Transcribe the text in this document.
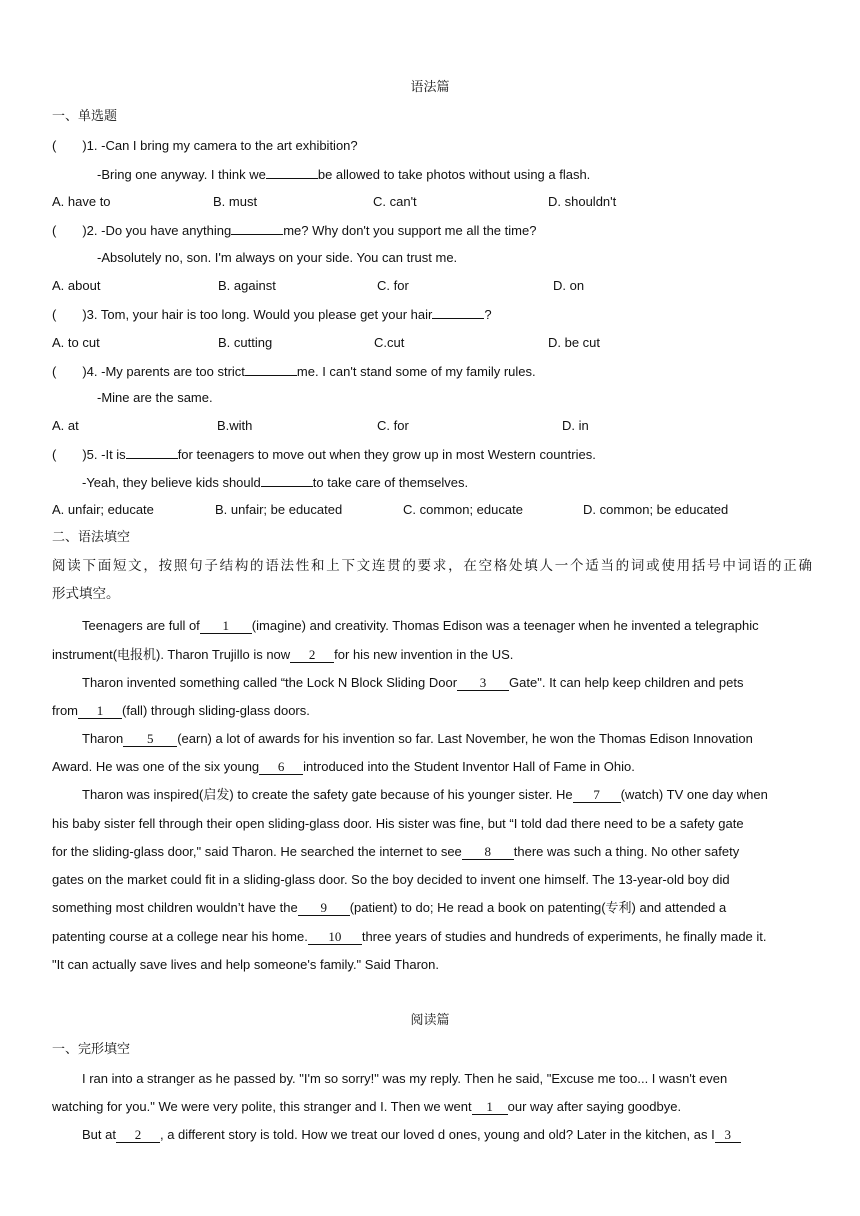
语法篇
一、单选题
( )1. -Can I bring my camera to the art exhibition?
-Bring one anyway. I think we	be allowed to take photos without using a flash.
A. have to	B. must	C. can't	D. shouldn't
( )2. -Do you have anything	me? Why don't you support me all the time?
-Absolutely no, son. I'm always on your side. You can trust me.
A. about	B. against	C. for	D. on
( )3. Tom, your hair is too long. Would you please get your hair	?
A. to cut	B. cutting	C.cut	D. be cut
( )4. -My parents are too strict	me. I can't stand some of my family rules.
-Mine are the same.
A. at	B.with	C. for	D. in
( )5. -It is	for teenagers to move out when they grow up in most Western countries.
-Yeah, they believe kids should	to take care of themselves.
A. unfair; educate	B. unfair; be educated	C. common; educate	D. common; be educated
二、语法填空
阅读下面短文，按照句子结构的语法性和上下文连贯的要求，在空格处填人一个适当的词或使用括号中词语的正确
形式填空。
Teenagers are full of 1 (imagine) and creativity. Thomas Edison was a teenager when he invented a telegraphic
instrument(电报机). Tharon Trujillo is now 2 for his new invention in the US.
Tharon invented something called “the Lock N Block Sliding Door 3 Gate". It can help keep children and pets
from 1 (fall) through sliding-glass doors.
Tharon 5 (earn) a lot of awards for his invention so far. Last November, he won the Thomas Edison Innovation
Award. He was one of the six young 6 introduced into the Student Inventor Hall of Fame in Ohio.
Tharon was inspired(启发) to create the safety gate because of his younger sister. He 7 (watch) TV one day when
his baby sister fell through their open sliding-glass door. His sister was fine, but “I told dad there need to be a safety gate
for the sliding-glass door," said Tharon. He searched the internet to see 8 there was such a thing. No other safety
gates on the market could fit in a sliding-glass door. So the boy decided to invent one himself. The 13-year-old boy did
something most children wouldn’t have the 9 (patient) to do; He read a book on patenting(专利) and attended a
patenting course at a college near his home. 10 three years of studies and hundreds of experiments, he finally made it.
"It can actually save lives and help someone's family." Said Tharon.
阅读篇
一、完形填空
I ran into a stranger as he passed by. "I'm so sorry!" was my reply. Then he said, "Excuse me too... I wasn't even
watching for you." We were very polite, this stranger and I. Then we went 1 our way after saying goodbye.
But at 2 , a different story is told. How we treat our loved d ones, young and old? Later in the kitchen, as I 3
